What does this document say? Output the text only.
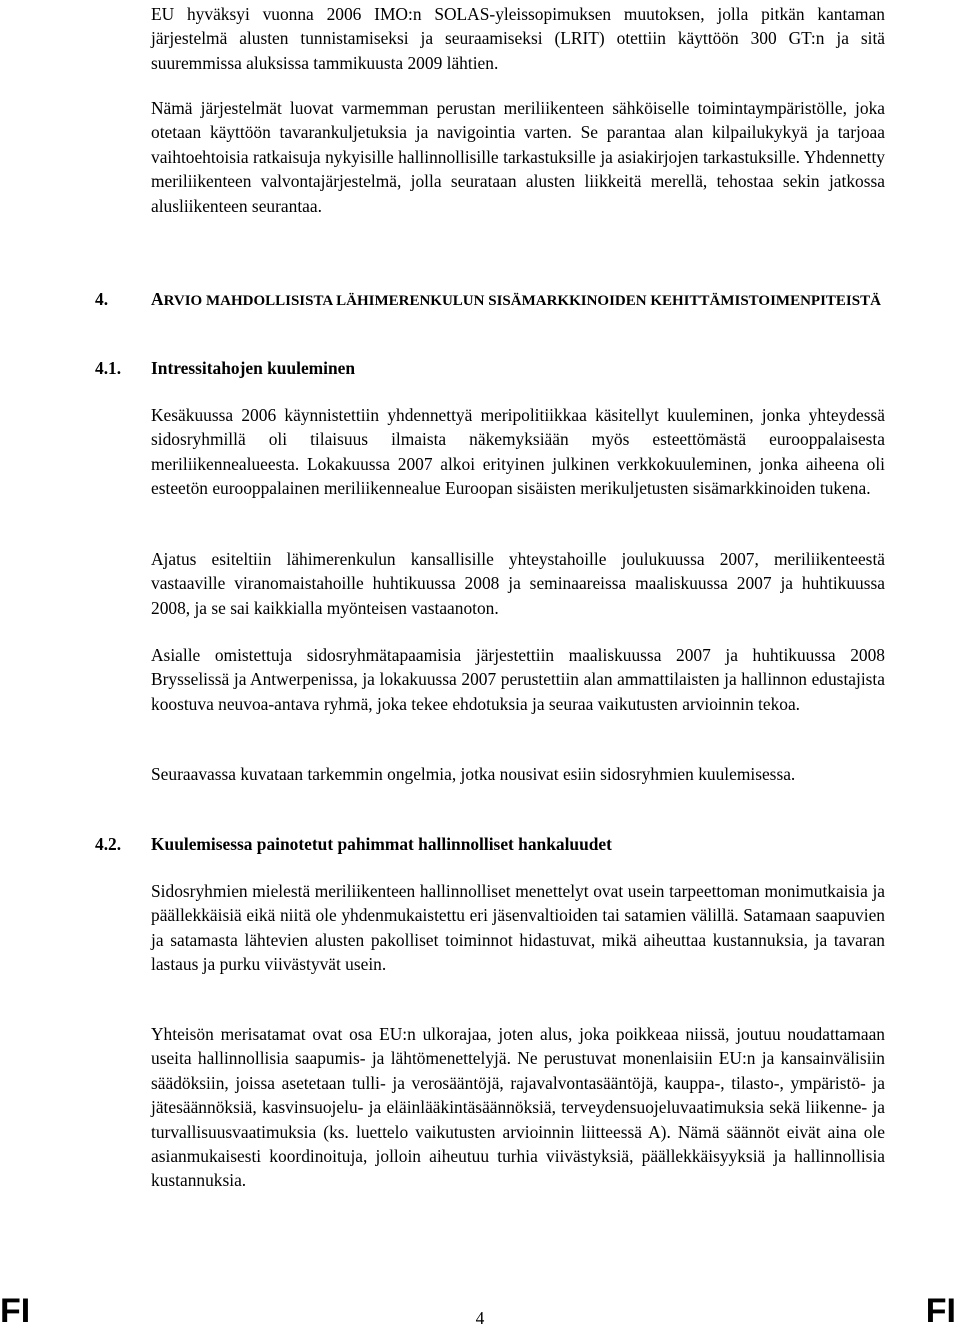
EU hyväksyi vuonna 2006 IMO:n SOLAS-yleissopimuksen muutoksen, jolla pitkän kantaman järjestelmä alusten tunnistamiseksi ja seuraamiseksi (LRIT) otettiin käyttöön 300 GT:n ja sitä suuremmissa aluksissa tammikuusta 2009 lähtien.

Nämä järjestelmät luovat varmemman perustan meriliikenteen sähköiselle toimintaympäristölle, joka otetaan käyttöön tavarankuljetuksia ja navigointia varten. Se parantaa alan kilpailukykyä ja tarjoaa vaihtoehtoisia ratkaisuja nykyisille hallinnollisille tarkastuksille ja asiakirjojen tarkastuksille. Yhdennetty meriliikenteen valvontajärjestelmä, jolla seurataan alusten liikkeitä merellä, tehostaa sekin jatkossa alusliikenteen seurantaa.

4. ARVIO MAHDOLLISISTA LÄHIMERENKULUN SISÄMARKKINOIDEN KEHITTÄMISTOIMENPITEISTÄ
4.1. Intressitahojen kuuleminen

Kesäkuussa 2006 käynnistettiin yhdennettyä meripolitiikkaa käsitellyt kuuleminen, jonka yhteydessä sidosryhmillä oli tilaisuus ilmaista näkemyksiään myös esteettömästä eurooppalaisesta meriliikennealueesta. Lokakuussa 2007 alkoi erityinen julkinen verkkokuuleminen, jonka aiheena oli esteetön eurooppalainen meriliikennealue Euroopan sisäisten merikuljetusten sisämarkkinoiden tukena.

Ajatus esiteltiin lähimerenkulun kansallisille yhteystahoille joulukuussa 2007, meriliikenteestä vastaaville viranomaistahoille huhtikuussa 2008 ja seminaareissa maaliskuussa 2007 ja huhtikuussa 2008, ja se sai kaikkialla myönteisen vastaanoton.

Asialle omistettuja sidosryhmätapaamisia järjestettiin maaliskuussa 2007 ja huhtikuussa 2008 Brysselissä ja Antwerpenissa, ja lokakuussa 2007 perustettiin alan ammattilaisten ja hallinnon edustajista koostuva neuvoa-antava ryhmä, joka tekee ehdotuksia ja seuraa vaikutusten arvioinnin tekoa.

Seuraavassa kuvataan tarkemmin ongelmia, jotka nousivat esiin sidosryhmien kuulemisessa.

4.2. Kuulemisessa painotetut pahimmat hallinnolliset hankaluudet

Sidosryhmien mielestä meriliikenteen hallinnolliset menettelyt ovat usein tarpeettoman monimutkaisia ja päällekkäisiä eikä niitä ole yhdenmukaistettu eri jäsenvaltioiden tai satamien välillä. Satamaan saapuvien ja satamasta lähtevien alusten pakolliset toiminnot hidastuvat, mikä aiheuttaa kustannuksia, ja tavaran lastaus ja purku viivästyvät usein.

Yhteisön merisatamat ovat osa EU:n ulkorajaa, joten alus, joka poikkeaa niissä, joutuu noudattamaan useita hallinnollisia saapumis- ja lähtömenettelyjä. Ne perustuvat monenlaisiin EU:n ja kansainvälisiin säädöksiin, joissa asetetaan tulli- ja verosääntöjä, rajavalvontasääntöjä, kauppa-, tilasto-, ympäristö- ja jätesäännöksiä, kasvinsuojelu- ja eläinlääkintäsäännöksiä, terveydensuojeluvaatimuksia sekä liikenne- ja turvallisuusvaatimuksia (ks. luettelo vaikutusten arvioinnin liitteessä A). Nämä säännöt eivät aina ole asianmukaisesti koordinoituja, jolloin aiheutuu turhia viivästyksiä, päällekkäisyyksiä ja hallinnollisia kustannuksia.

FI	4	FI
